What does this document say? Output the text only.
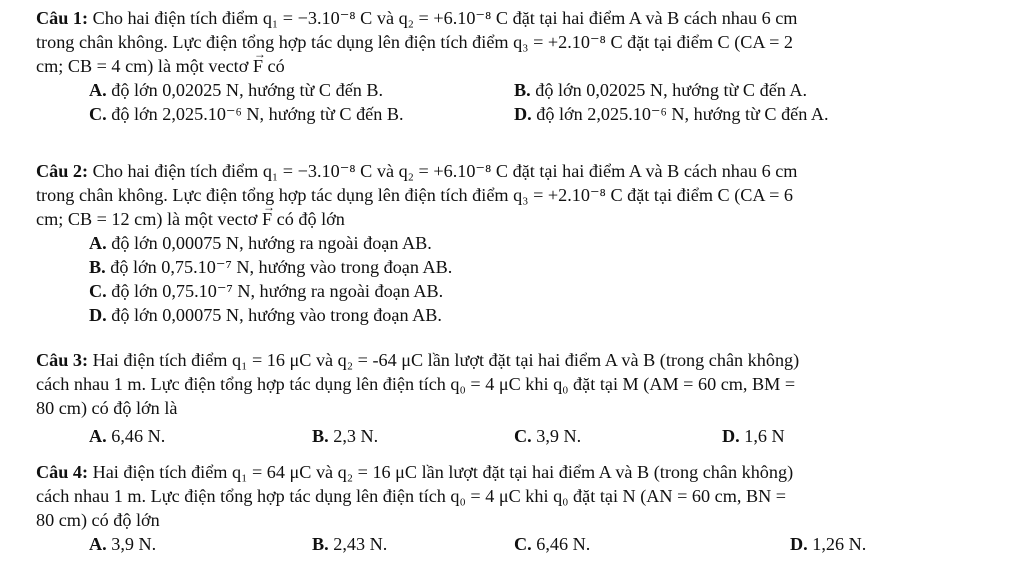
Câu 1: Cho hai điện tích điểm q₁ = −3.10⁻⁸ C và q₂ = +6.10⁻⁸ C đặt tại hai điểm A và B cách nhau 6 cm
trong chân không. Lực điện tổng hợp tác dụng lên điện tích điểm q₃ = +2.10⁻⁸ C đặt tại điểm C (CA = 2
cm; CB = 4 cm) là một vectơ → F có
A. độ lớn 0,02025 N, hướng từ C đến B.	B. độ lớn 0,02025 N, hướng từ C đến A.
C. độ lớn 2,025.10⁻⁶ N, hướng từ C đến B.	D. độ lớn 2,025.10⁻⁶ N, hướng từ C đến A.
Câu 2: Cho hai điện tích điểm q₁ = −3.10⁻⁸ C và q₂ = +6.10⁻⁸ C đặt tại hai điểm A và B cách nhau 6 cm
trong chân không. Lực điện tổng hợp tác dụng lên điện tích điểm q₃ = +2.10⁻⁸ C đặt tại điểm C (CA = 6
cm; CB = 12 cm) là một vectơ → F có độ lớn
A. độ lớn 0,00075 N, hướng ra ngoài đoạn AB.
B. độ lớn 0,75.10⁻⁷ N, hướng vào trong đoạn AB.
C. độ lớn 0,75.10⁻⁷ N, hướng ra ngoài đoạn AB.
D. độ lớn 0,00075 N, hướng vào trong đoạn AB.
Câu 3: Hai điện tích điểm q₁ = 16 μC và q₂ = -64 μC lần lượt đặt tại hai điểm A và B (trong chân không)
cách nhau 1 m. Lực điện tổng hợp tác dụng lên điện tích q₀ = 4 μC khi q₀ đặt tại M (AM = 60 cm, BM =
80 cm) có độ lớn là
A. 6,46 N.	B. 2,3 N.	C. 3,9 N.	D. 1,6 N
Câu 4: Hai điện tích điểm q₁ = 64 μC và q₂ = 16 μC lần lượt đặt tại hai điểm A và B (trong chân không)
cách nhau 1 m. Lực điện tổng hợp tác dụng lên điện tích q₀ = 4 μC khi q₀ đặt tại N (AN = 60 cm, BN =
80 cm) có độ lớn
A. 3,9 N.	B. 2,43 N.	C. 6,46 N.	D. 1,26 N.
